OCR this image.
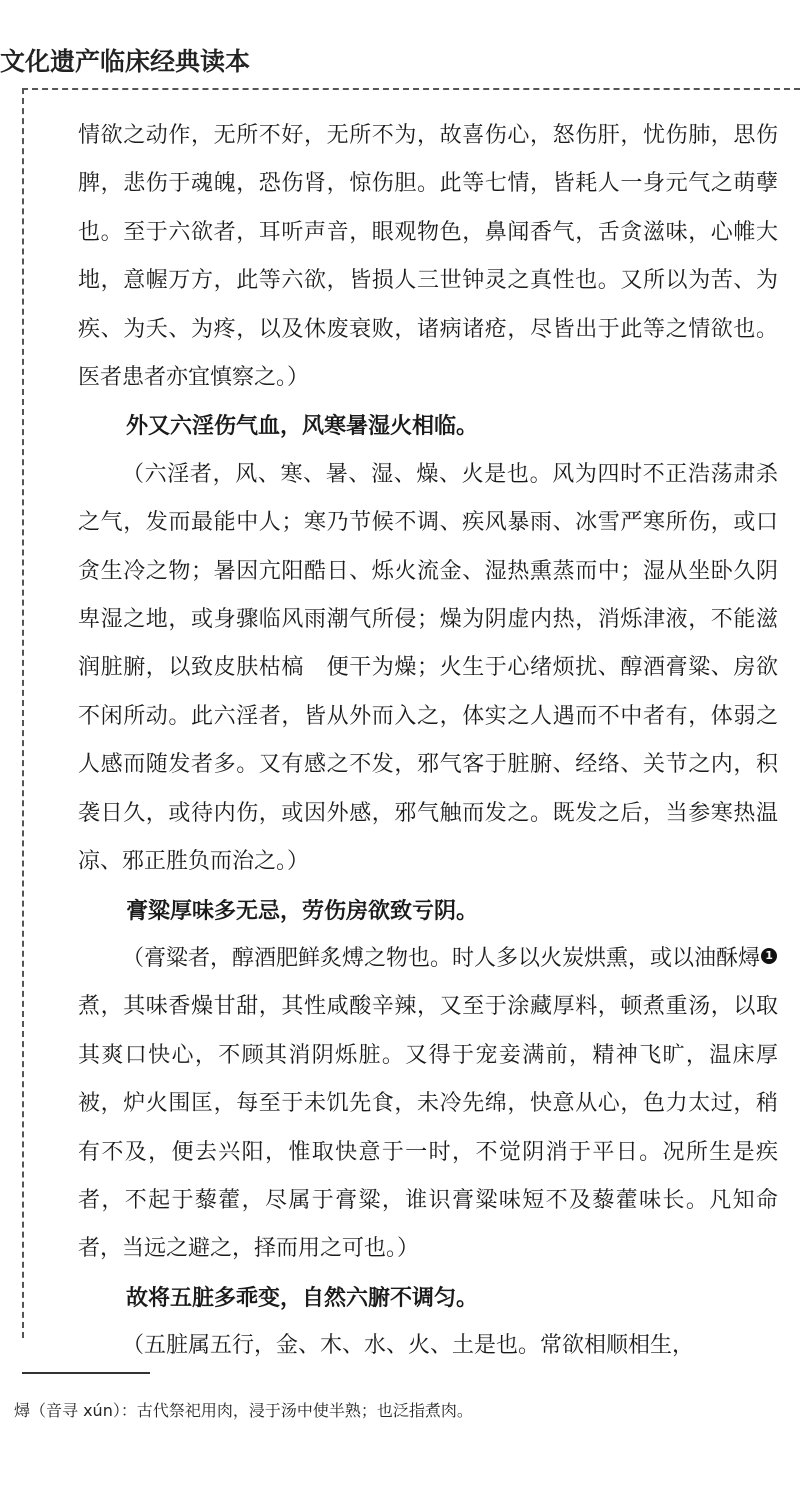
文化遗产临床经典读本

情欲之动作，无所不好，无所不为，故喜伤心，怒伤肝，忧伤肺，思伤脾，悲伤于魂魄，恐伤肾，惊伤胆。此等七情，皆耗人一身元气之萌孽也。至于六欲者，耳听声音，眼观物色，鼻闻香气，舌贪滋味，心帷大地，意幄万方，此等六欲，皆损人三世钟灵之真性也。又所以为苦、为疾、为夭、为疼，以及休废衰败，诸病诸疮，尽皆出于此等之情欲也。医者患者亦宜慎察之。）

外又六淫伤气血，风寒暑湿火相临。

（六淫者，风、寒、暑、湿、燥、火是也。风为四时不正浩荡肃杀之气，发而最能中人；寒乃节候不调、疾风暴雨、冰雪严寒所伤，或口贪生冷之物；暑因亢阳酷日、烁火流金、湿热熏蒸而中；湿从坐卧久阴卑湿之地，或身骤临风雨潮气所侵；燥为阴虚内热，消烁津液，不能滋润脏腑，以致皮肤枯槁　便干为燥；火生于心绪烦扰、醇酒膏粱、房欲不闲所动。此六淫者，皆从外而入之，体实之人遇而不中者有，体弱之人感而随发者多。又有感之不发，邪气客于脏腑、经络、关节之内，积袭日久，或待内伤，或因外感，邪气触而发之。既发之后，当参寒热温凉、邪正胜负而治之。）

膏粱厚味多无忌，劳伤房欲致亏阴。

（膏粱者，醇酒肥鲜炙煿之物也。时人多以火炭烘熏，或以油酥燖 1煮，其味香燥甘甜，其性咸酸辛辣，又至于涂藏厚料，顿煮重汤，以取其爽口快心，不顾其消阴烁脏。又得于宠妾满前，精神飞旷，温床厚被，炉火围匡，每至于未饥先食，未冷先绵，快意从心，色力太过，稍有不及，便去兴阳，惟取快意于一时，不觉阴消于平日。况所生是疾者，不起于藜藿，尽属于膏粱，谁识膏粱味短不及藜藿味长。凡知命者，当远之避之，择而用之可也。）

故将五脏多乖变，自然六腑不调匀。

（五脏属五行，金、木、水、火、土是也。常欲相顺相生，

燖（音寻 xún）：古代祭祀用肉，浸于汤中使半熟；也泛指煮肉。
